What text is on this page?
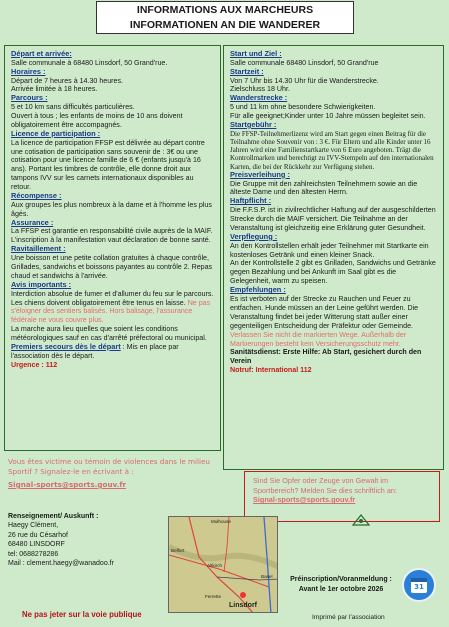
INFORMATIONS AUX MARCHEURS
INFORMATIONEN AN DIE WANDERER
Départ et arrivée:
Salle communale à 68480 Linsdorf, 50 Grand'rue.
Horaires :
Départ de 7 heures à 14.30 heures.
Arrivée limitée à 18 heures.
Parcours :
5 et 10 km sans difficultés particulières.
Ouvert à tous ; les enfants de moins de 10 ans doivent obligatoirement être accompagnés.
Licence de participation :
La licence de participation FFSP est délivrée au départ contre une cotisation de participation sans souvenir de : 3€ ou une cotisation pour une licence famille de 6 € (enfants jusqu'à 16 ans). Portant les timbres de contrôle, elle donne droit aux tampons IVV sur les carnets internationaux disponibles au retour.
Récompense :
Aux groupes les plus nombreux à la dame et à l'homme les plus âgés.
Assurance :
La FFSP est garantie en responsabilité civile auprès de la MAIF. L'inscription à la manifestation vaut déclaration de bonne santé.
Ravitaillement :
Une boisson et une petite collation gratuites à chaque contrôle, Grillades, sandwichs et boissons payantes au contrôle 2. Repas chaud et sandwichs à l'arrivée.
Avis importants :
Interdiction absolue de fumer et d'allumer du feu sur le parcours. Les chiens doivent obligatoirement être tenus en laisse. Ne pas s'éloigner des sentiers balisés. Hors balisage, l'assurance fédérale ne vous couvre plus.
La marche aura lieu quelles que soient les conditions météorologiques sauf en cas d'arrêté préfectoral ou municipal.
Premiers secours dès le départ : Mis en place par l'association dès le départ.
Urgence : 112
Vous êtes victime ou témoin de violences dans le milieu Sportif ? Signalez-le en écrivant à :
Signal-sports@sports.gouv.fr
Renseignement/ Auskunft :
Haegy Clément,
26 rue du Césarhof
68480 LINSDORF
tel: 0688278286
Mail : clement.haegy@wanadoo.fr
Ne pas jeter sur la voie publique
Start und Ziel :
Salle communale 68480 Linsdorf, 50 Grand'rue
Startzeit :
Von 7 Uhr bis 14.30 Uhr für die Wanderstrecke.
Zielschluss 18 Uhr.
Wanderstrecke :
5 und 11 km ohne besondere Schwierigkeiten.
Für alle geeignet;Kinder unter 10 Jahre müssen begleitet sein.
Startgebühr :
Die FFSP-Teilnehmerlizenz wird am Start gegen einen Beitrag für die Teilnahme ohne Souvenir von : 3 €. Für Eltern und alle Kinder unter 16 Jahren wird eine Familienstartkarte von 6 Euro angeboten. Trägt die Kontrollmarken und berechtigt zu IVV-Stempeln auf den internationalen Karten, die bei der Rückkehr zur Verfügung stehen.
Preisverleihung :
Die Gruppe mit den zahlreichsten Teilnehmern sowie an die älteste Dame und den ältesten Herrn.
Haftpflicht :
Die F.F.S.P. ist in zivilrechtlicher Haftung auf der ausgeschilderten Strecke durch die MAIF versichert. Die Teilnahme an der Veranstaltung ist gleichzeitig eine Erklärung guter Gesundheit.
Verpflegung :
An den Kontrollstellen erhält jeder Teilnehmer mit Startkarte ein kostenloses Getränk und einen kleiner Snack.
An der Kontrollstelle 2 gibt es Grilladen, Sandwichs und Getränke gegen Bezahlung und bei Ankunft im Saal gibt es die Gelegenheit, warm zu speisen.
Empfehlungen :
Es ist verboten auf der Strecke zu Rauchen und Feuer zu entfachen. Hunde müssen an der Leine geführt werden. Die Veranstaltung findet bei jeder Witterung statt außer einer gegenteiligen Entscheidung der Präfektur oder Gemeinde. Verlassen Sie nicht die markierten Wege. Außerhalb der Markierungen besteht kein Versicherungsschutz mehr.
Sanitätsdienst: Erste Hilfe: Ab Start, gesichert durch den Verein
Notruf: International 112
Sind Sie Opfer oder Zeuge von Gewalt im Sportbereich? Melden Sie dies schriftlich an:
Signal-sports@sports.gouv.fr
Mulhouse
Belfort
Altkirch
Basel
Ferrette
Linsdorf
Préinscription/Voranmeldung :
Avant le 1er octobre 2026	31
Imprimé par l'association
